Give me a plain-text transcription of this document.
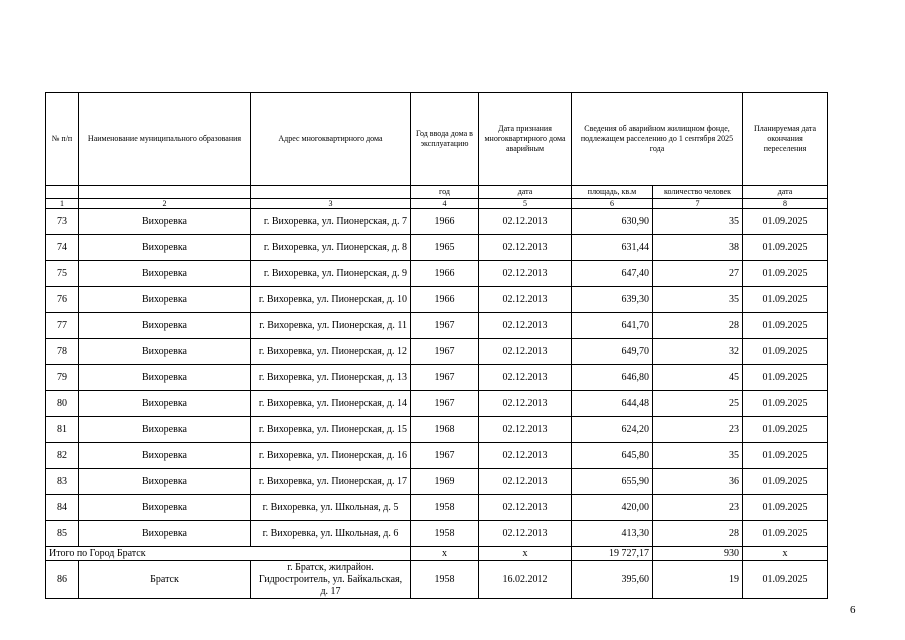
№ п/п	Наименование муниципального образования	Адрес многоквартирного дома	Год ввода дома в эксплуатацию	Дата признания многоквартирного дома аварийным	Сведения об аварийном жилищном фонде, подлежащем расселению до 1 сентября 2025 года		Планируемая дата окончания переселения
			год	дата	площадь, кв.м	количество человек	дата
1	2	3	4	5	6	7	8
73	Вихоревка	г. Вихоревка, ул. Пионерская, д. 7	1966	02.12.2013	630,90	35	01.09.2025
74	Вихоревка	г. Вихоревка, ул. Пионерская, д. 8	1965	02.12.2013	631,44	38	01.09.2025
75	Вихоревка	г. Вихоревка, ул. Пионерская, д. 9	1966	02.12.2013	647,40	27	01.09.2025
76	Вихоревка	г. Вихоревка, ул. Пионерская, д. 10	1966	02.12.2013	639,30	35	01.09.2025
77	Вихоревка	г. Вихоревка, ул. Пионерская, д. 11	1967	02.12.2013	641,70	28	01.09.2025
78	Вихоревка	г. Вихоревка, ул. Пионерская, д. 12	1967	02.12.2013	649,70	32	01.09.2025
79	Вихоревка	г. Вихоревка, ул. Пионерская, д. 13	1967	02.12.2013	646,80	45	01.09.2025
80	Вихоревка	г. Вихоревка, ул. Пионерская, д. 14	1967	02.12.2013	644,48	25	01.09.2025
81	Вихоревка	г. Вихоревка, ул. Пионерская, д. 15	1968	02.12.2013	624,20	23	01.09.2025
82	Вихоревка	г. Вихоревка, ул. Пионерская, д. 16	1967	02.12.2013	645,80	35	01.09.2025
83	Вихоревка	г. Вихоревка, ул. Пионерская, д. 17	1969	02.12.2013	655,90	36	01.09.2025
84	Вихоревка	г. Вихоревка, ул. Школьная, д. 5	1958	02.12.2013	420,00	23	01.09.2025
85	Вихоревка	г. Вихоревка, ул. Школьная, д. 6	1958	02.12.2013	413,30	28	01.09.2025
Итого по Город Братск			х	х	19 727,17	930	х
86	Братск	г. Братск, жилрайон. Гидростроитель, ул. Байкальская, д. 17	1958	16.02.2012	395,60	19	01.09.2025
6
